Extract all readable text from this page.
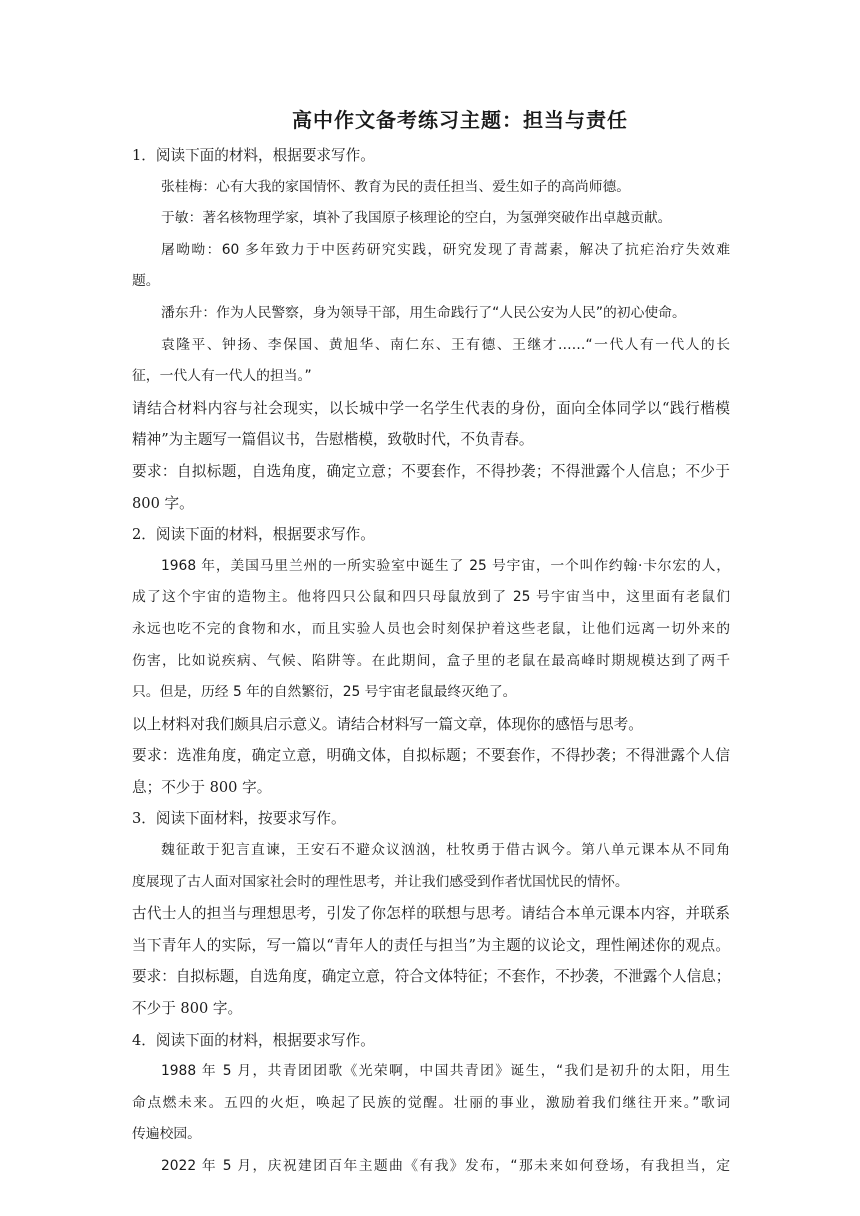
高中作文备考练习主题：担当与责任
1．阅读下面的材料，根据要求写作。
张桂梅：心有大我的家国情怀、教育为民的责任担当、爱生如子的高尚师德。
于敏：著名核物理学家，填补了我国原子核理论的空白，为氢弹突破作出卓越贡献。
屠呦呦：60 多年致力于中医药研究实践，研究发现了青蒿素，解决了抗疟治疗失效难
题。
潘东升：作为人民警察，身为领导干部，用生命践行了“人民公安为人民”的初心使命。
袁隆平、钟扬、李保国、黄旭华、南仁东、王有德、王继才……“一代人有一代人的长
征，一代人有一代人的担当。”
请结合材料内容与社会现实，以长城中学一名学生代表的身份，面向全体同学以“践行楷模
精神”为主题写一篇倡议书，告慰楷模，致敬时代，不负青春。
要求：自拟标题，自选角度，确定立意；不要套作，不得抄袭；不得泄露个人信息；不少于
800 字。
2．阅读下面的材料，根据要求写作。
1968 年，美国马里兰州的一所实验室中诞生了 25 号宇宙，一个叫作约翰·卡尔宏的人，
成了这个宇宙的造物主。他将四只公鼠和四只母鼠放到了 25 号宇宙当中，这里面有老鼠们
永远也吃不完的食物和水，而且实验人员也会时刻保护着这些老鼠，让他们远离一切外来的
伤害，比如说疾病、气候、陷阱等。在此期间，盒子里的老鼠在最高峰时期规模达到了两千
只。但是，历经 5 年的自然繁衍，25 号宇宙老鼠最终灭绝了。
以上材料对我们颇具启示意义。请结合材料写一篇文章，体现你的感悟与思考。
要求：选准角度，确定立意，明确文体，自拟标题；不要套作，不得抄袭；不得泄露个人信
息；不少于 800 字。
3．阅读下面材料，按要求写作。
魏征敢于犯言直谏，王安石不避众议汹汹，杜牧勇于借古讽今。第八单元课本从不同角
度展现了古人面对国家社会时的理性思考，并让我们感受到作者忧国忧民的情怀。
古代士人的担当与理想思考，引发了你怎样的联想与思考。请结合本单元课本内容，并联系
当下青年人的实际，写一篇以“青年人的责任与担当”为主题的议论文，理性阐述你的观点。
要求：自拟标题，自选角度，确定立意，符合文体特征；不套作，不抄袭，不泄露个人信息；
不少于 800 字。
4．阅读下面的材料，根据要求写作。
1988 年 5 月，共青团团歌《光荣啊，中国共青团》诞生，“我们是初升的太阳，用生
命点燃未来。五四的火炬，唤起了民族的觉醒。壮丽的事业，激励着我们继往开来。”歌词
传遍校园。
2022 年 5 月，庆祝建团百年主题曲《有我》发布，“那未来如何登场，有我担当，定
